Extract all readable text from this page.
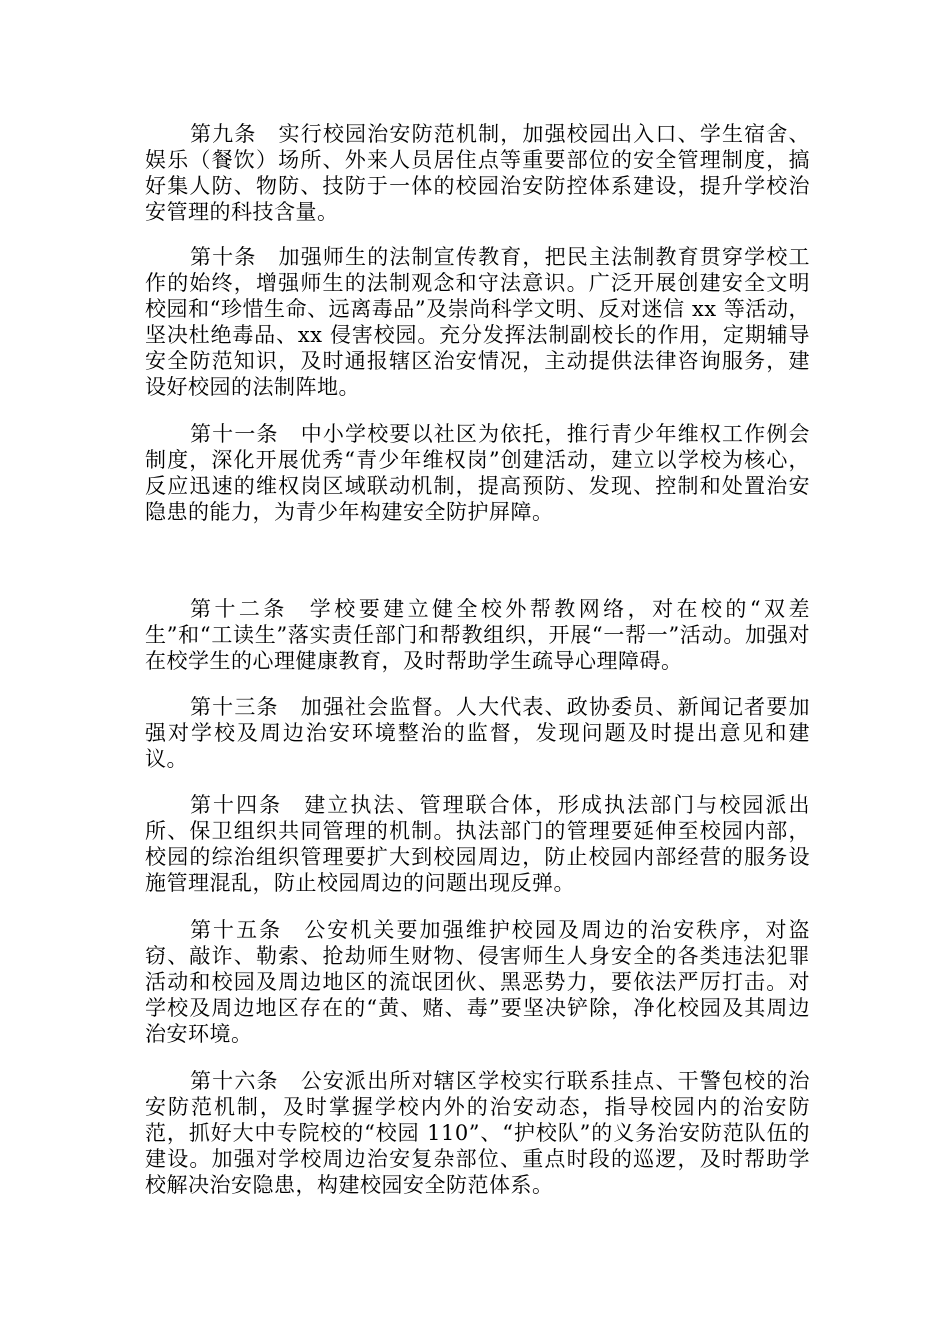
第九条 实行校园治安防范机制，加强校园出入口、学生宿舍、娱乐（餐饮）场所、外来人员居住点等重要部位的安全管理制度，搞好集人防、物防、技防于一体的校园治安防控体系建设，提升学校治安管理的科技含量。

第十条 加强师生的法制宣传教育，把民主法制教育贯穿学校工作的始终，增强师生的法制观念和守法意识。广泛开展创建安全文明校园和“珍惜生命、远离毒品”及崇尚科学文明、反对迷信 xx 等活动，坚决杜绝毒品、xx 侵害校园。充分发挥法制副校长的作用，定期辅导安全防范知识，及时通报辖区治安情况，主动提供法律咨询服务，建设好校园的法制阵地。

第十一条 中小学校要以社区为依托，推行青少年维权工作例会制度，深化开展优秀“青少年维权岗”创建活动，建立以学校为核心，反应迅速的维权岗区域联动机制，提高预防、发现、控制和处置治安隐患的能力，为青少年构建安全防护屏障。

第十二条 学校要建立健全校外帮教网络，对在校的“双差生”和“工读生”落实责任部门和帮教组织，开展“一帮一”活动。加强对在校学生的心理健康教育，及时帮助学生疏导心理障碍。

第十三条 加强社会监督。人大代表、政协委员、新闻记者要加强对学校及周边治安环境整治的监督，发现问题及时提出意见和建议。

第十四条 建立执法、管理联合体，形成执法部门与校园派出所、保卫组织共同管理的机制。执法部门的管理要延伸至校园内部，校园的综治组织管理要扩大到校园周边，防止校园内部经营的服务设施管理混乱，防止校园周边的问题出现反弹。

第十五条 公安机关要加强维护校园及周边的治安秩序，对盗窃、敲诈、勒索、抢劫师生财物、侵害师生人身安全的各类违法犯罪活动和校园及周边地区的流氓团伙、黑恶势力，要依法严厉打击。对学校及周边地区存在的“黄、赌、毒”要坚决铲除，净化校园及其周边治安环境。

第十六条 公安派出所对辖区学校实行联系挂点、干警包校的治安防范机制，及时掌握学校内外的治安动态，指导校园内的治安防范，抓好大中专院校的“校园 110”、“护校队”的义务治安防范队伍的建设。加强对学校周边治安复杂部位、重点时段的巡逻，及时帮助学校解决治安隐患，构建校园安全防范体系。
